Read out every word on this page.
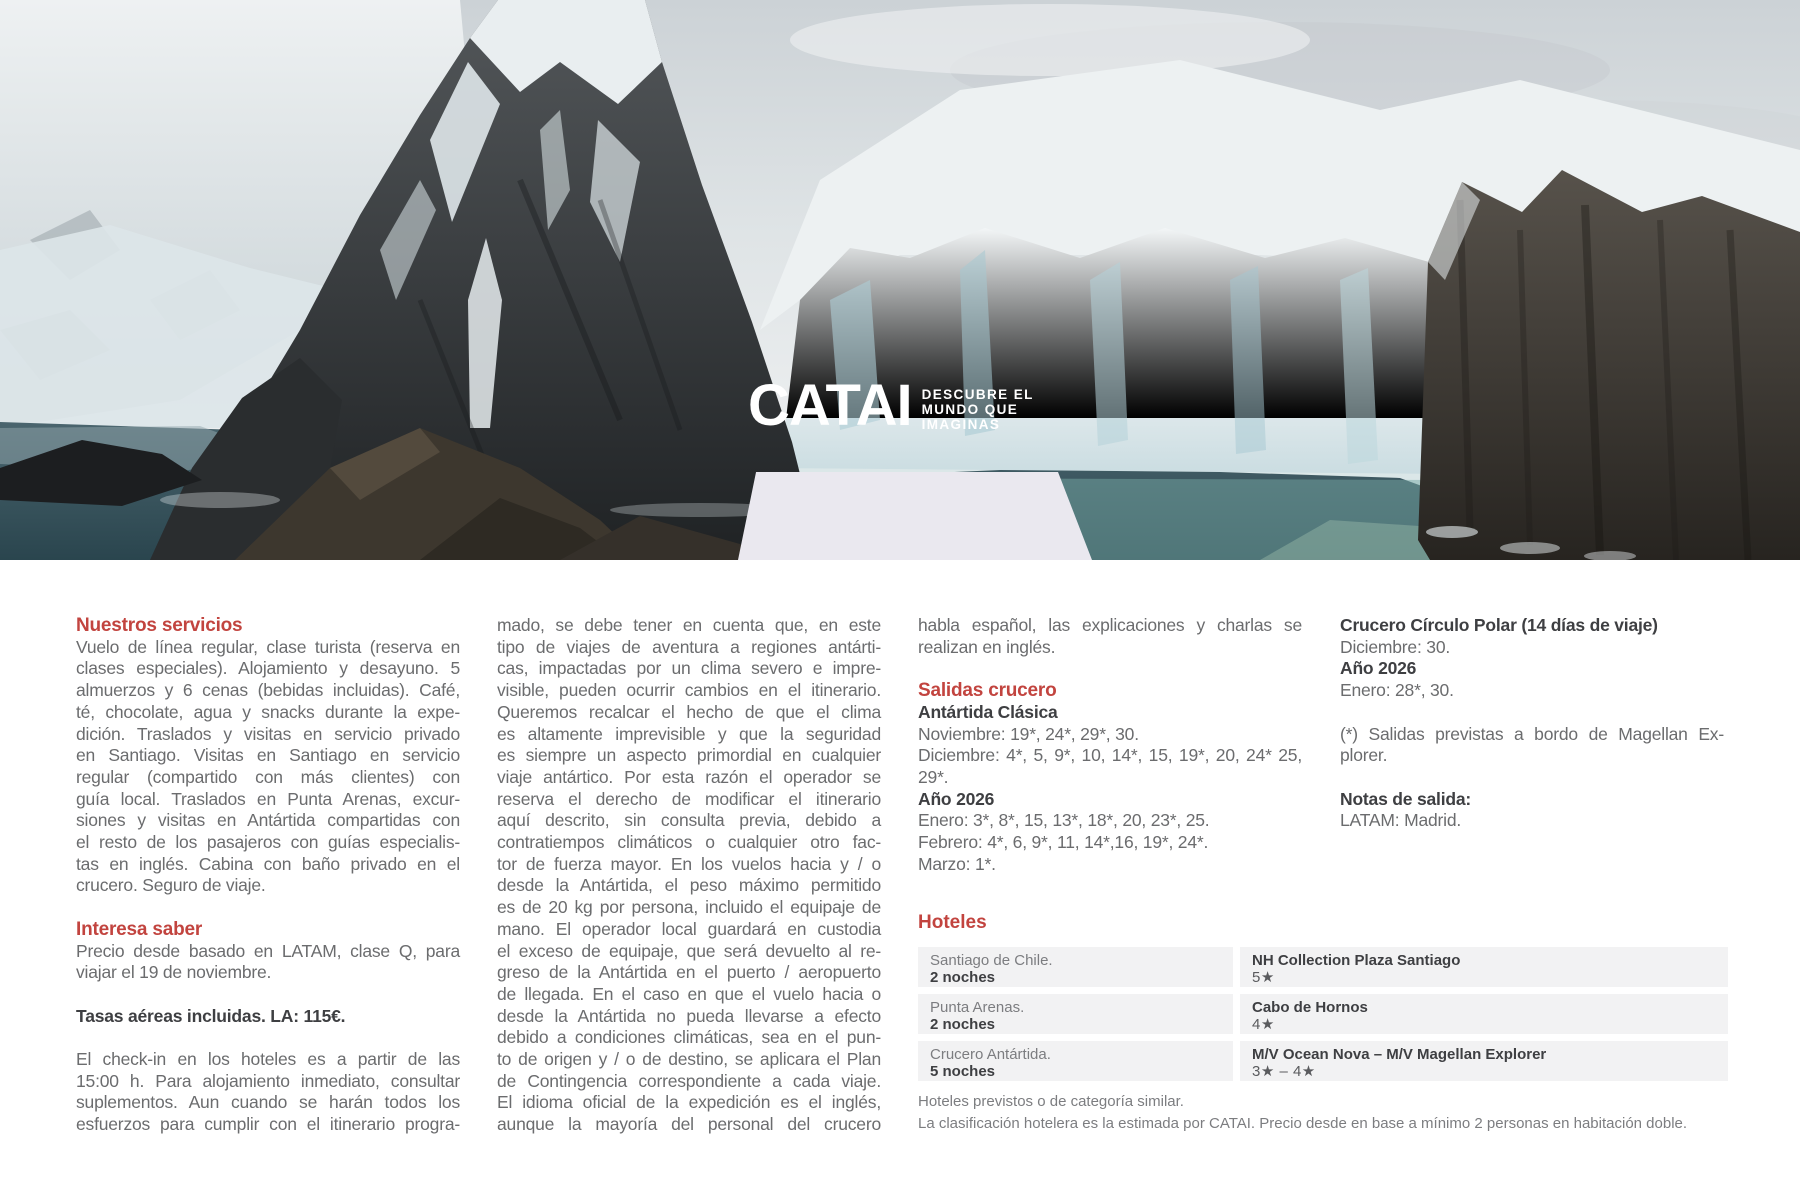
CATAI DESCUBRE EL
MUNDO QUE
IMAGINAS
Nuestros servicios
Vuelo de línea regular, clase turista (reserva en
clases especiales). Alojamiento y desayuno. 5
almuerzos y 6 cenas (bebidas incluidas). Café,
té, chocolate, agua y snacks durante la expe-
dición. Traslados y visitas en servicio privado
en Santiago. Visitas en Santiago en servicio
regular (compartido con más clientes) con
guía local. Traslados en Punta Arenas, excur-
siones y visitas en Antártida compartidas con
el resto de los pasajeros con guías especialis-
tas en inglés. Cabina con baño privado en el
crucero. Seguro de viaje.
Interesa saber
Precio desde basado en LATAM, clase Q, para
viajar el 19 de noviembre.
Tasas aéreas incluidas. LA: 115€.
El check-in en los hoteles es a partir de las
15:00 h. Para alojamiento inmediato, consultar
suplementos. Aun cuando se harán todos los
esfuerzos para cumplir con el itinerario progra-
mado, se debe tener en cuenta que, en este
tipo de viajes de aventura a regiones antárti-
cas, impactadas por un clima severo e impre-
visible, pueden ocurrir cambios en el itinerario.
Queremos recalcar el hecho de que el clima
es altamente imprevisible y que la seguridad
es siempre un aspecto primordial en cualquier
viaje antártico. Por esta razón el operador se
reserva el derecho de modificar el itinerario
aquí descrito, sin consulta previa, debido a
contratiempos climáticos o cualquier otro fac-
tor de fuerza mayor. En los vuelos hacia y / o
desde la Antártida, el peso máximo permitido
es de 20 kg por persona, incluido el equipaje de
mano. El operador local guardará en custodia
el exceso de equipaje, que será devuelto al re-
greso de la Antártida en el puerto / aeropuerto
de llegada. En el caso en que el vuelo hacia o
desde la Antártida no pueda llevarse a efecto
debido a condiciones climáticas, sea en el pun-
to de origen y / o de destino, se aplicara el Plan
de Contingencia correspondiente a cada viaje.
El idioma oficial de la expedición es el inglés,
aunque la mayoría del personal del crucero
habla español, las explicaciones y charlas se
realizan en inglés.
Salidas crucero
Antártida Clásica
Noviembre: 19*, 24*, 29*, 30.
Diciembre: 4*, 5, 9*, 10, 14*, 15, 19*, 20, 24* 25,
29*.
Año 2026
Enero: 3*, 8*, 15, 13*, 18*, 20, 23*, 25.
Febrero: 4*, 6, 9*, 11, 14*,16, 19*, 24*.
Marzo: 1*.
Crucero Círculo Polar (14 días de viaje)
Diciembre: 30.
Año 2026
Enero: 28*, 30.
(*) Salidas previstas a bordo de Magellan Ex-
plorer.
Notas de salida:
LATAM: Madrid.
Hoteles
Santiago de Chile.
2 noches
NH Collection Plaza Santiago
5★
Punta Arenas.
2 noches
Cabo de Hornos
4★
Crucero Antártida.
5 noches
M/V Ocean Nova – M/V Magellan Explorer
3★ – 4★
Hoteles previstos o de categoría similar.
La clasificación hotelera es la estimada por CATAI. Precio desde en base a mínimo 2 personas en habitación doble.
